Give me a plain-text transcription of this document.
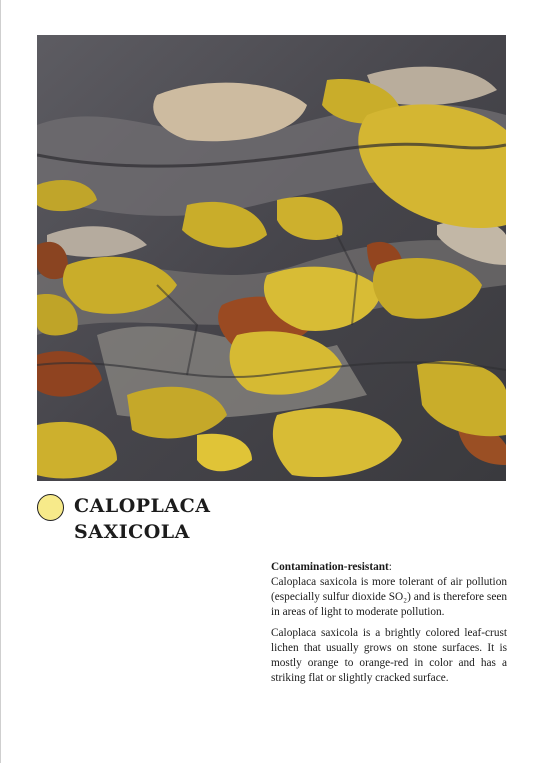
CALOPLACA
SAXICOLA
Contamination-resistant:

Caloplaca saxicola is more tolerant of air pollution (especially sulfur dioxide SO₂) and is therefore seen in areas of light to moderate pollution.

Caloplaca saxicola is a brightly colored leaf-crust lichen that usually grows on stone surfaces. It is mostly orange to orange-red in color and has a striking flat or slightly cracked surface.
